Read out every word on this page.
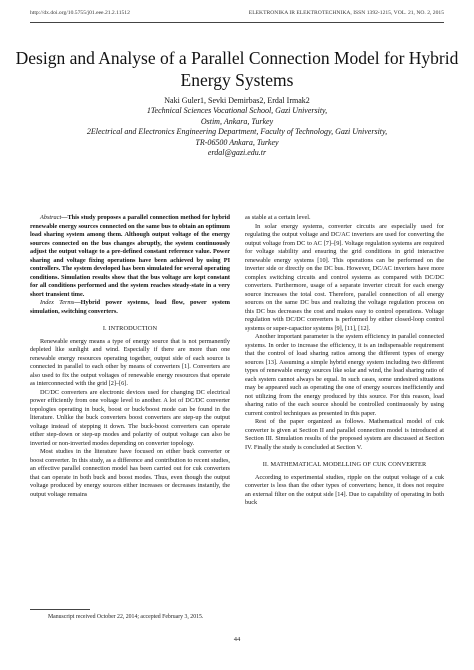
http://dx.doi.org/10.5755/j01.eee.21.2.11512	ELEKTRONIKA IR ELEKTROTECHNIKA, ISSN 1392-1215, VOL. 21, NO. 2, 2015
Design and Analyse of a Parallel Connection Model for Hybrid Energy Systems
Naki Guler1, Sevki Demirbas2, Erdal Irmak2
1Technical Sciences Vocational School, Gazi University,
Ostim, Ankara, Turkey
2Electrical and Electronics Engineering Department, Faculty of Technology, Gazi University,
TR-06500 Ankara, Turkey
erdal@gazi.edu.tr

Abstract—This study proposes a parallel connection method for hybrid renewable energy sources connected on the same bus to obtain an optimum load sharing system among them. Although output voltage of the energy sources connected on the bus changes abruptly, the system continuously adjust the output voltage to a pre-defined constant reference value. Power sharing and voltage fixing operations have been achieved by using PI controllers. The system developed has been simulated for several operating conditions. Simulation results show that the bus voltage are kept constant for all conditions performed and the system reaches steady-state in a very short transient time.

Index Terms—Hybrid power systems, load flow, power system simulation, switching converters.

I. INTRODUCTION

Renewable energy means a type of energy source that is not permanently depleted like sunlight and wind. Especially if there are more than one renewable energy resources operating together, output side of each source is connected in parallel to each other by means of converters [1]. Converters are also used to fix the output voltages of renewable energy resources that operate as interconnected with the grid [2]–[6].

DC/DC converters are electronic devices used for changing DC electrical power efficiently from one voltage level to another. A lot of DC/DC converter topologies operating in buck, boost or buck/boost mode can be found in the literature. Unlike the buck converters boost converters are step-up the output voltage instead of stepping it down. The buck-boost converters can operate either step-down or step-up modes and polarity of output voltage can also be inverted or non-inverted modes depending on converter topology.

Most studies in the literature have focused on either buck converter or boost converter. In this study, as a difference and contribution to recent studies, an effective parallel connection model has been carried out for cuk converters that can operate in both buck and boost modes. Thus, even though the output voltage produced by energy sources either increases or decreases instantly, the output voltage remains

as stable at a certain level.

In solar energy systems, converter circuits are especially used for regulating the output voltage and DC/AC inverters are used for converting the output voltage from DC to AC [7]–[9]. Voltage regulation systems are required for voltage stability and ensuring the grid conditions in grid interactive renewable energy systems [10]. This operations can be performed on the inverter side or directly on the DC bus. However, DC/AC inverters have more complex switching circuits and control systems as compared with DC/DC converters. Furthermore, usage of a separate inverter circuit for each energy source increases the total cost. Therefore, parallel connection of all energy sources on the same DC bus and realizing the voltage regulation process on this DC bus decreases the cost and makes easy to control operations. Voltage regulation with DC/DC converters is performed by either closed-loop control systems or super-capacitor systems [9], [11], [12].

Another important parameter is the system efficiency in parallel connected systems. In order to increase the efficiency, it is an indispensable requirement that the control of load sharing ratios among the different types of energy sources [13]. Assuming a simple hybrid energy system including two different types of renewable energy sources like solar and wind, the load sharing ratio of each system cannot always be equal. In such cases, some undesired situations may be appeared such as operating the one of energy sources inefficiently and not utilizing from the energy produced by this source. For this reason, load sharing ratio of the each source should be controlled continuously by using current control techniques as presented in this paper.

Rest of the paper organized as follows. Mathematical model of cuk converter is given at Section II and parallel connection model is introduced at Section III. Simulation results of the proposed system are discussed at Section IV. Finally the study is concluded at Section V.

II. MATHEMATICAL MODELLING OF CUK CONVERTER

According to experimental studies, ripple on the output voltage of a cuk converter is less than the other types of converters; hence, it does not require an external filter on the output side [14]. Due to capability of operating in both buck

Manuscript received October 22, 2014; accepted February 3, 2015.
44
